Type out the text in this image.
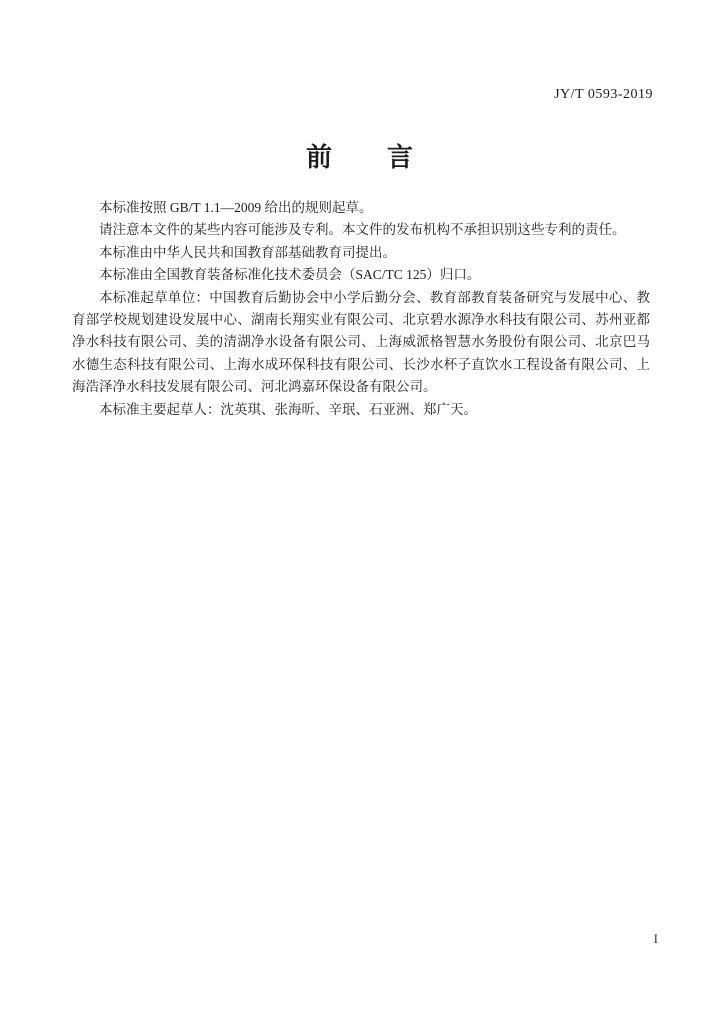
JY/T 0593-2019
前　　言

本标准按照 GB/T 1.1—2009 给出的规则起草。

请注意本文件的某些内容可能涉及专利。本文件的发布机构不承担识别这些专利的责任。

本标准由中华人民共和国教育部基础教育司提出。

本标准由全国教育装备标准化技术委员会（SAC/TC 125）归口。

本标准起草单位：中国教育后勤协会中小学后勤分会、教育部教育装备研究与发展中心、教育部学校规划建设发展中心、湖南长翔实业有限公司、北京碧水源净水科技有限公司、苏州亚都净水科技有限公司、美的清湖净水设备有限公司、上海威派格智慧水务股份有限公司、北京巴马水德生态科技有限公司、上海水成环保科技有限公司、长沙水杯子直饮水工程设备有限公司、上海浩泽净水科技发展有限公司、河北鸿嘉环保设备有限公司。

本标准主要起草人：沈英琪、张海昕、辛珉、石亚洲、郑广天。

I
